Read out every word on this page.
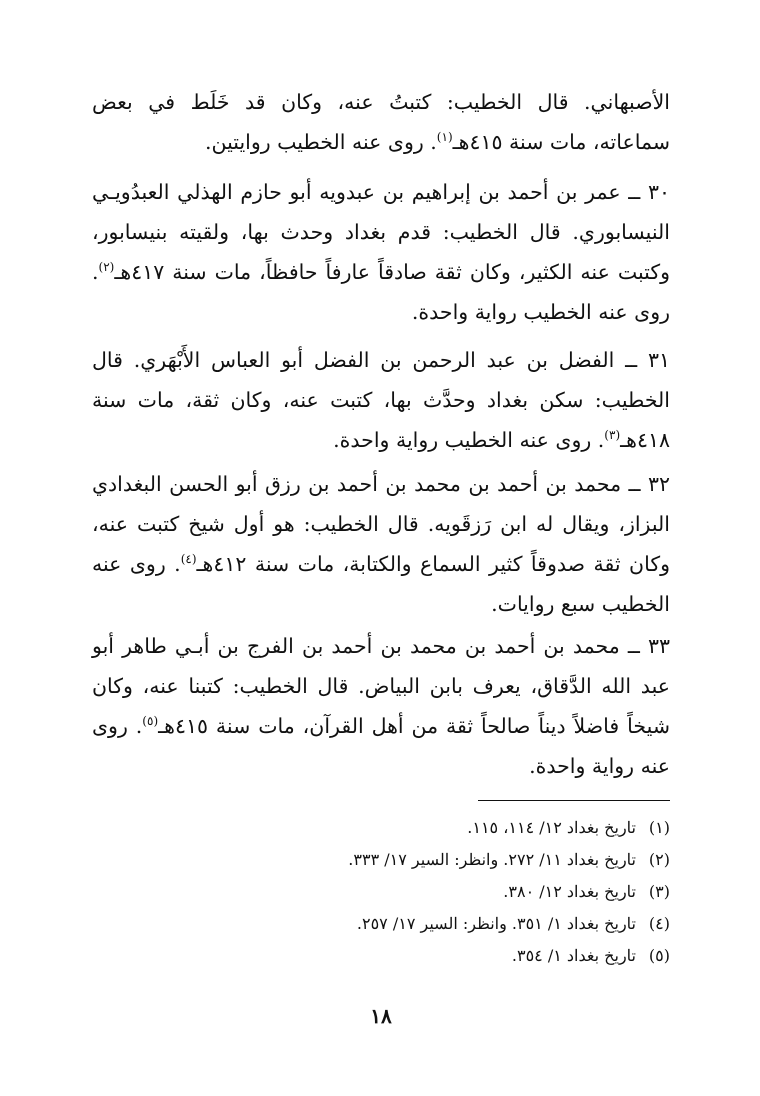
الأصبهاني. قال الخطيب: كتبتُ عنه، وكان قد خَلَط في بعض سماعاته، مات سنة ٤١٥هـ$^{(١)}$. روى عنه الخطيب روايتين.

٣٠ ــ عمر بن أحمد بن إبراهيم بن عبدويه أبو حازم الهذلي العبدُويـي النيسابوري. قال الخطيب: قدم بغداد وحدث بها، ولقيته بنيسابور، وكتبت عنه الكثير، وكان ثقة صادقاً عارفاً حافظاً، مات سنة ٤١٧هـ$^{(٢)}$. روى عنه الخطيب رواية واحدة.

٣١ ــ الفضل بن عبد الرحمن بن الفضل أبو العباس الأَبْهَري. قال الخطيب: سكن بغداد وحدَّث بها، كتبت عنه، وكان ثقة، مات سنة ٤١٨هـ$^{(٣)}$. روى عنه الخطيب رواية واحدة.

٣٢ ــ محمد بن أحمد بن محمد بن أحمد بن رزق أبو الحسن البغدادي البزاز، ويقال له ابن رَزقَويه. قال الخطيب: هو أول شيخ كتبت عنه، وكان ثقة صدوقاً كثير السماع والكتابة، مات سنة ٤١٢هـ$^{(٤)}$. روى عنه الخطيب سبع روايات.

٣٣ ــ محمد بن أحمد بن محمد بن أحمد بن الفرج بن أبـي طاهر أبو عبد الله الدَّقاق، يعرف بابن البياض. قال الخطيب: كتبنا عنه، وكان شيخاً فاضلاً ديناً صالحاً ثقة من أهل القرآن، مات سنة ٤١٥هـ$^{(٥)}$. روى عنه رواية واحدة.

(١)تاريخ بغداد ١٢/ ١١٤، ١١٥.
(٢)تاريخ بغداد ١١/ ٢٧٢. وانظر: السير ١٧/ ٣٣٣.
(٣)تاريخ بغداد ١٢/ ٣٨٠.
(٤)تاريخ بغداد ١/ ٣٥١. وانظر: السير ١٧/ ٢٥٧.
(٥)تاريخ بغداد ١/ ٣٥٤.
١٨
